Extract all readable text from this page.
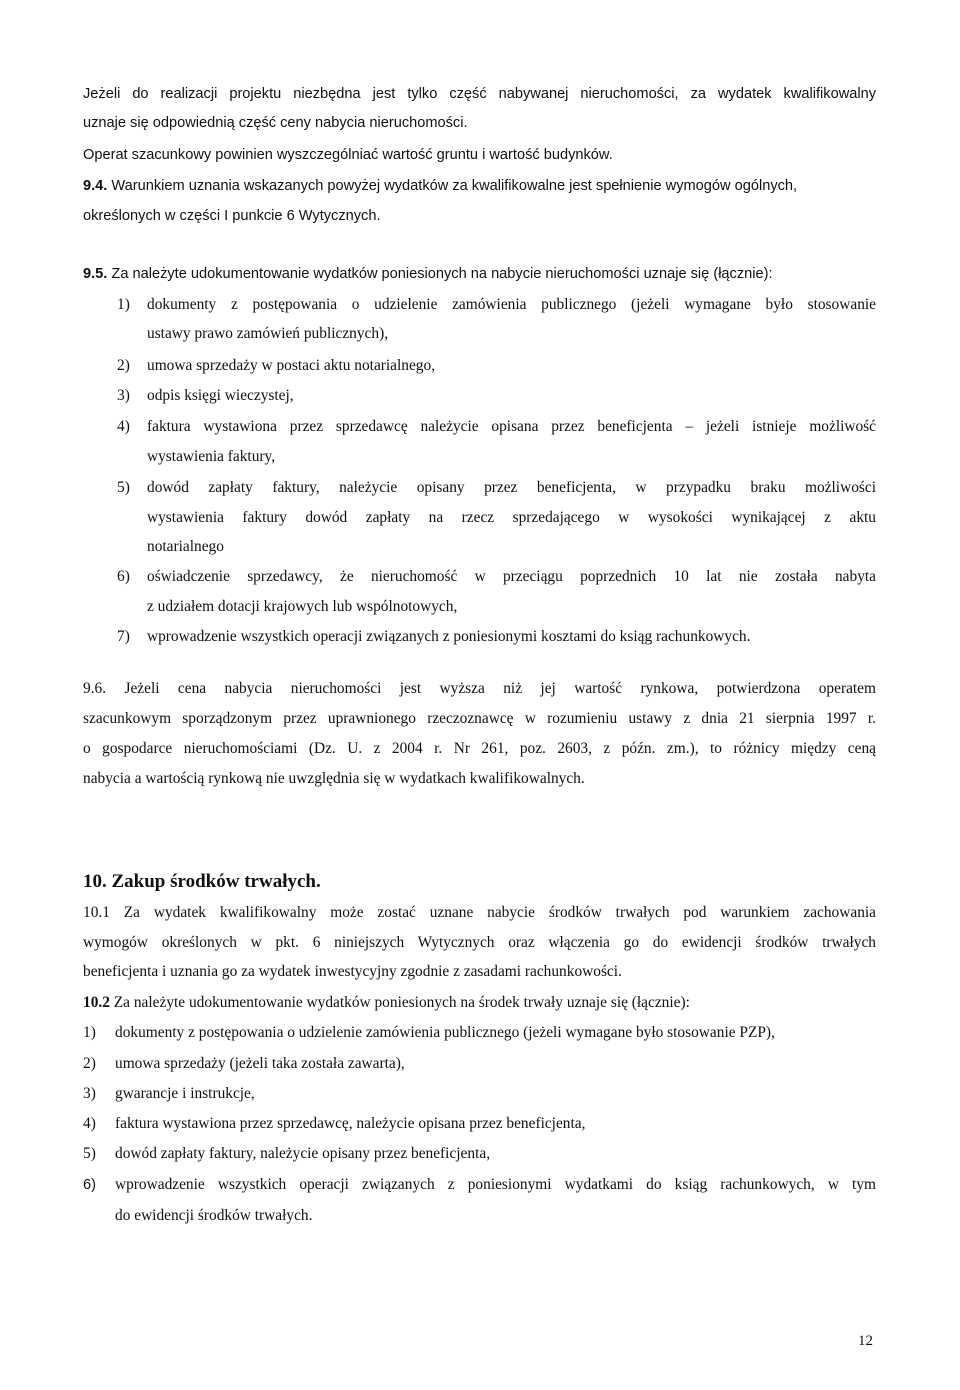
Jeżeli do realizacji projektu niezbędna jest tylko część nabywanej nieruchomości, za wydatek kwalifikowalny
uznaje się odpowiednią część ceny nabycia nieruchomości.
Operat szacunkowy powinien wyszczególniać wartość gruntu i wartość budynków.
9.4. Warunkiem uznania wskazanych powyżej wydatków za kwalifikowalne jest spełnienie wymogów ogólnych,
określonych w części I punkcie 6 Wytycznych.
9.5. Za należyte udokumentowanie wydatków poniesionych na nabycie nieruchomości uznaje się (łącznie):
1) dokumenty z postępowania o udzielenie zamówienia publicznego (jeżeli wymagane było stosowanie
ustawy prawo zamówień publicznych),
2) umowa sprzedaży w postaci aktu notarialnego,
3) odpis księgi wieczystej,
4) faktura wystawiona przez sprzedawcę należycie opisana przez beneficjenta – jeżeli istnieje możliwość
wystawienia faktury,
5) dowód zapłaty faktury, należycie opisany przez beneficjenta, w przypadku braku możliwości
wystawienia faktury dowód zapłaty na rzecz sprzedającego w wysokości wynikającej z aktu
notarialnego
6) oświadczenie sprzedawcy, że nieruchomość w przeciągu poprzednich 10 lat nie została nabyta
z udziałem dotacji krajowych lub wspólnotowych,
7) wprowadzenie wszystkich operacji związanych z poniesionymi kosztami do ksiąg rachunkowych.
9.6. Jeżeli cena nabycia nieruchomości jest wyższa niż jej wartość rynkowa, potwierdzona operatem
szacunkowym sporządzonym przez uprawnionego rzeczoznawcę w rozumieniu ustawy z dnia 21 sierpnia 1997 r.
o gospodarce nieruchomościami (Dz. U. z 2004 r. Nr 261, poz. 2603, z późn. zm.), to różnicy między ceną
nabycia a wartością rynkową nie uwzględnia się w wydatkach kwalifikowalnych.
10. Zakup środków trwałych.
10.1 Za wydatek kwalifikowalny może zostać uznane nabycie środków trwałych pod warunkiem zachowania
wymogów określonych w pkt. 6 niniejszych Wytycznych oraz włączenia go do ewidencji środków trwałych
beneficjenta i uznania go za wydatek inwestycyjny zgodnie z zasadami rachunkowości.
10.2 Za należyte udokumentowanie wydatków poniesionych na środek trwały uznaje się (łącznie):
1) dokumenty z postępowania o udzielenie zamówienia publicznego (jeżeli wymagane było stosowanie PZP),
2) umowa sprzedaży (jeżeli taka została zawarta),
3) gwarancje i instrukcje,
4) faktura wystawiona przez sprzedawcę, należycie opisana przez beneficjenta,
5) dowód zapłaty faktury, należycie opisany przez beneficjenta,
6) wprowadzenie wszystkich operacji związanych z poniesionymi wydatkami do ksiąg rachunkowych, w tym
do ewidencji środków trwałych.
12
